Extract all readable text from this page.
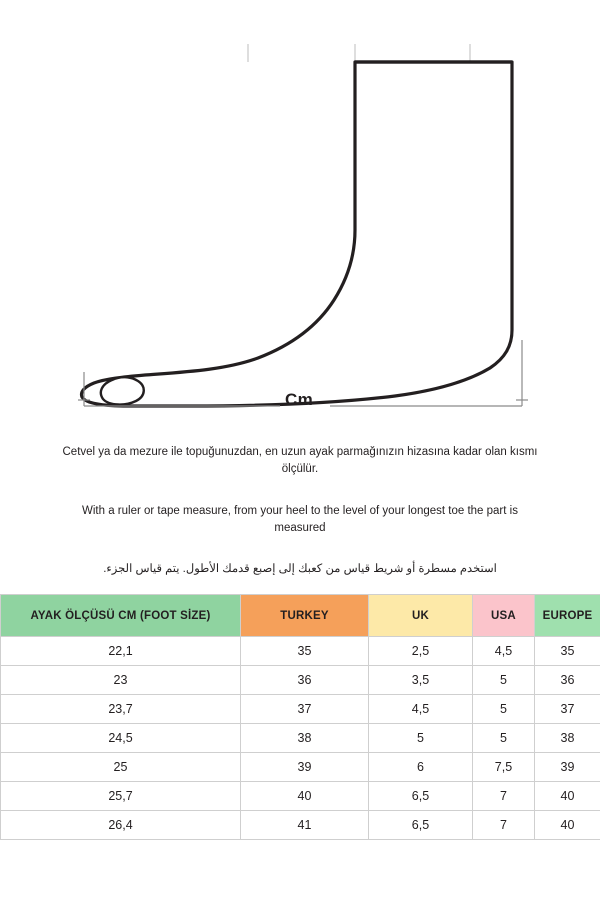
Cm

Cetvel ya da mezure ile topuğunuzdan, en uzun ayak parmağınızın hizasına kadar olan kısmı ölçülür.

With a ruler or tape measure, from your heel to the level of your longest toe the part is measured

استخدم مسطرة أو شريط قياس من كعبك إلى إصبع قدمك الأطول. يتم قياس الجزء.

AYAK ÖLÇÜSÜ CM (FOOT SİZE)	TURKEY	UK	USA	EUROPE
22,1	35	2,5	4,5	35
23	36	3,5	5	36
23,7	37	4,5	5	37
24,5	38	5	5	38
25	39	6	7,5	39
25,7	40	6,5	7	40
26,4	41	6,5	7	40
